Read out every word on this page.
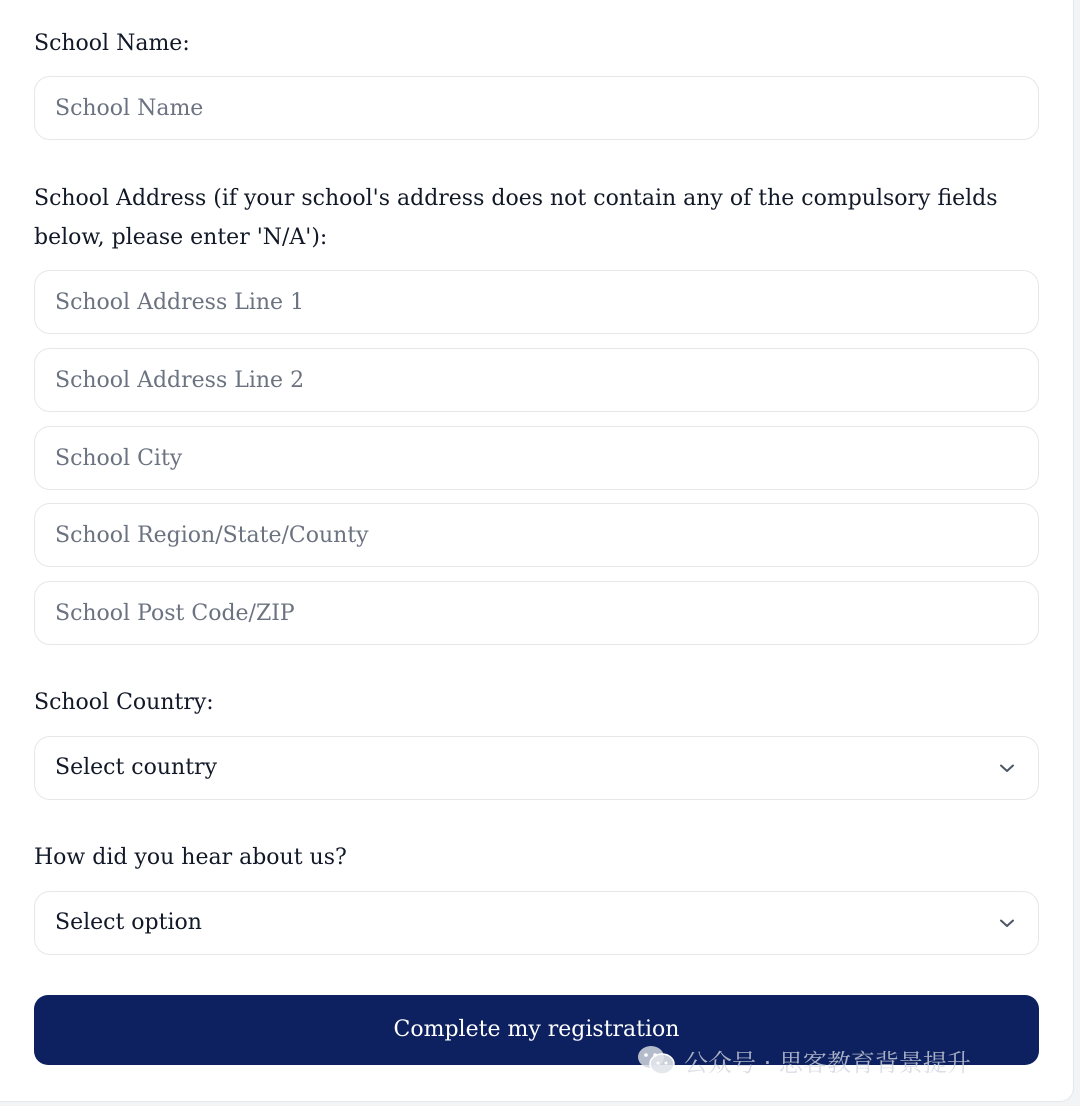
School Name:
School Name
School Address (if your school's address does not contain any of the compulsory fields below, please enter 'N/A'):
School Address Line 1
School Address Line 2
School City
School Region/State/County
School Post Code/ZIP
School Country:
Select country
How did you hear about us?
Select option
Complete my registration
公众号 · 思客教育背景提升
